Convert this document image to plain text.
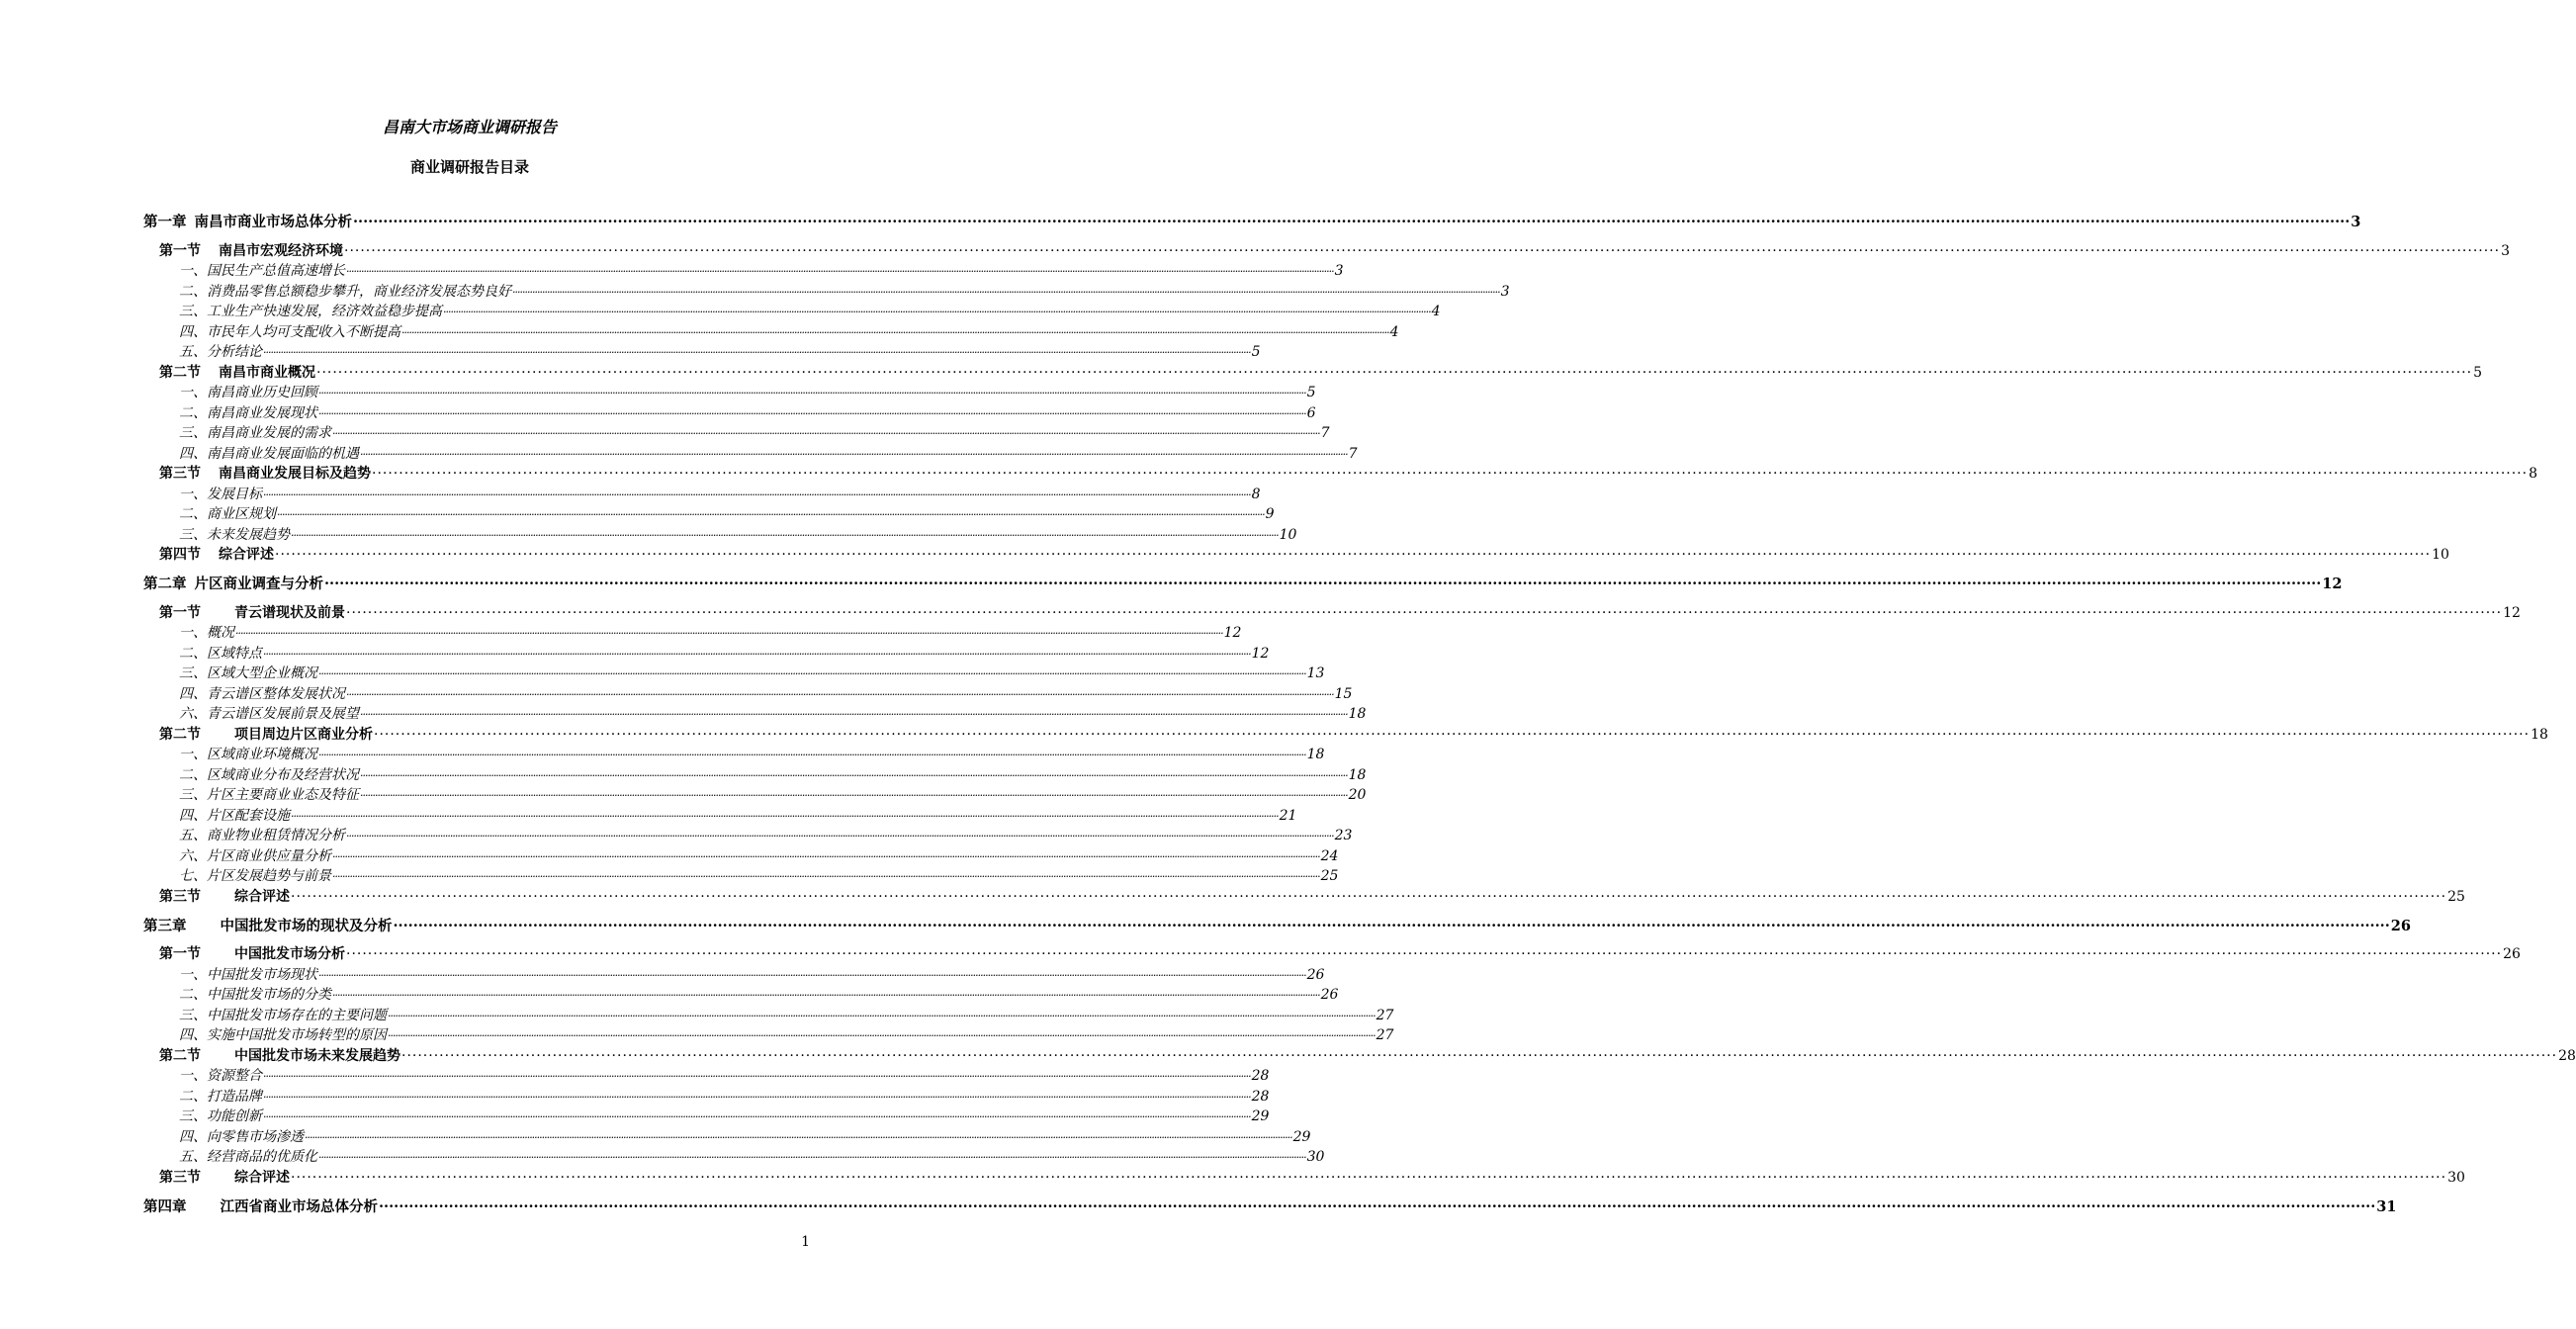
昌南大市场商业调研报告
商业调研报告目录
第一章 南昌市商业市场总体分析 ················································································································································································································································································································································································································ 3
第一节 南昌市宏观经济环境 ················································································································································································································································································································································································································ 3
一、国民生产总值高速增长 ················································································································································································································································································································································································································ 3
二、消费品零售总额稳步攀升，商业经济发展态势良好 ················································································································································································································································································································································································································ 3
三、工业生产快速发展，经济效益稳步提高 ················································································································································································································································································································································································································ 4
四、市民年人均可支配收入不断提高 ················································································································································································································································································································································································································ 4
五、分析结论 ················································································································································································································································································································································································································ 5
第二节 南昌市商业概况 ················································································································································································································································································································································································································ 5
一、南昌商业历史回顾 ················································································································································································································································································································································································································ 5
二、南昌商业发展现状 ················································································································································································································································································································································································································ 6
三、南昌商业发展的需求 ················································································································································································································································································································································································································ 7
四、南昌商业发展面临的机遇 ················································································································································································································································································································································································································ 7
第三节 南昌商业发展目标及趋势 ················································································································································································································································································································································································································ 8
一、发展目标 ················································································································································································································································································································································································································ 8
二、商业区规划 ················································································································································································································································································································································································································ 9
三、未来发展趋势 ················································································································································································································································································································································································································ 10
第四节 综合评述 ················································································································································································································································································································································································································ 10
第二章 片区商业调查与分析 ················································································································································································································································································································································································································ 12
第一节 青云谱现状及前景 ················································································································································································································································································································································································································ 12
一、概况 ················································································································································································································································································································································································································ 12
二、区域特点 ················································································································································································································································································································································································································ 12
三、区域大型企业概况 ················································································································································································································································································································································································································ 13
四、青云谱区整体发展状况 ················································································································································································································································································································································································································ 15
六、青云谱区发展前景及展望 ················································································································································································································································································································································································································ 18
第二节 项目周边片区商业分析 ················································································································································································································································································································································································································ 18
一、区域商业环境概况 ················································································································································································································································································································································································································ 18
二、区域商业分布及经营状况 ················································································································································································································································································································································································································ 18
三、片区主要商业业态及特征 ················································································································································································································································································································································································································ 20
四、片区配套设施 ················································································································································································································································································································································································································ 21
五、商业物业租赁情况分析 ················································································································································································································································································································································································································ 23
六、片区商业供应量分析 ················································································································································································································································································································································································································ 24
七、片区发展趋势与前景 ················································································································································································································································································································································································································ 25
第三节 综合评述 ················································································································································································································································································································································································································ 25
第三章 中国批发市场的现状及分析 ················································································································································································································································································································································································································ 26
第一节 中国批发市场分析 ················································································································································································································································································································································································································ 26
一、中国批发市场现状 ················································································································································································································································································································································································································ 26
二、中国批发市场的分类 ················································································································································································································································································································································································································ 26
三、中国批发市场存在的主要问题 ················································································································································································································································································································································································································ 27
四、实施中国批发市场转型的原因 ················································································································································································································································································································································································································ 27
第二节 中国批发市场未来发展趋势 ················································································································································································································································································································································································································ 28
一、资源整合 ················································································································································································································································································································································································································ 28
二、打造品牌 ················································································································································································································································································································································································································ 28
三、功能创新 ················································································································································································································································································································································································································ 29
四、向零售市场渗透 ················································································································································································································································································································································································································ 29
五、经营商品的优质化 ················································································································································································································································································································································································································ 30
第三节 综合评述 ················································································································································································································································································································································································································ 30
第四章 江西省商业市场总体分析 ················································································································································································································································································································································································································ 31
1
